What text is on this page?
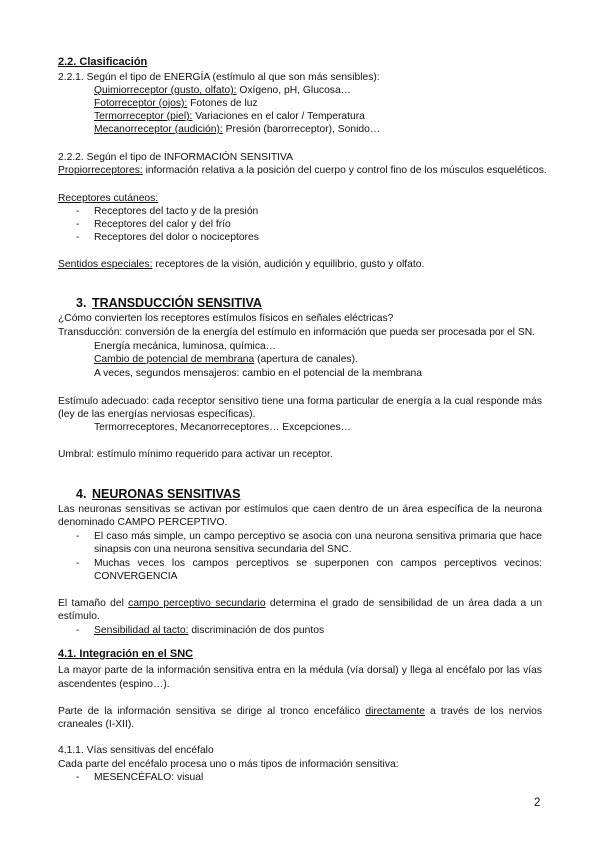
2.2. Clasificación
2.2.1. Según el tipo de ENERGÍA (estímulo al que son más sensibles):
Quimiorreceptor (gusto, olfato): Oxígeno, pH, Glucosa…
Fotorreceptor (ojos): Fotones de luz
Termorreceptor (piel): Variaciones en el calor / Temperatura
Mecanorreceptor (audición): Presión (barorreceptor), Sonido…
2.2.2. Según el tipo de INFORMACIÓN SENSITIVA
Propiorreceptores: información relativa a la posición del cuerpo y control fino de los músculos esqueléticos.
Receptores cutáneos:
- Receptores del tacto y de la presión
- Receptores del calor y del frío
- Receptores del dolor o nociceptores
Sentidos especiales: receptores de la visión, audición y equilibrio, gusto y olfato.
3. TRANSDUCCIÓN SENSITIVA
¿Cómo convierten los receptores estímulos físicos en señales eléctricas?
Transducción: conversión de la energía del estímulo en información que pueda ser procesada por el SN.
Energía mecánica, luminosa, química…
Cambio de potencial de membrana (apertura de canales).
A veces, segundos mensajeros: cambio en el potencial de la membrana
Estímulo adecuado: cada receptor sensitivo tiene una forma particular de energía a la cual responde más
(ley de las energías nerviosas específicas).
Termorreceptores, Mecanorreceptores… Excepciones…
Umbral: estímulo mínimo requerido para activar un receptor.
4. NEURONAS SENSITIVAS
Las neuronas sensitivas se activan por estímulos que caen dentro de un área específica de la neurona
denominado CAMPO PERCEPTIVO.
- El caso más simple, un campo perceptivo se asocia con una neurona sensitiva primaria que hace
sinapsis con una neurona sensitiva secundaria del SNC.
- Muchas veces los campos perceptivos se superponen con campos perceptivos vecinos:
CONVERGENCIA
El tamaño del campo perceptivo secundario determina el grado de sensibilidad de un área dada a un
estímulo.
- Sensibilidad al tacto: discriminación de dos puntos
4.1. Integración en el SNC
La mayor parte de la información sensitiva entra en la médula (vía dorsal) y llega al encéfalo por las vías
ascendentes (espino…).
Parte de la información sensitiva se dirige al tronco encefálico directamente a través de los nervios
craneales (I-XII).
4.1.1. Vías sensitivas del encéfalo
Cada parte del encéfalo procesa uno o más tipos de información sensitiva:
- MESENCÉFALO: visual
2
